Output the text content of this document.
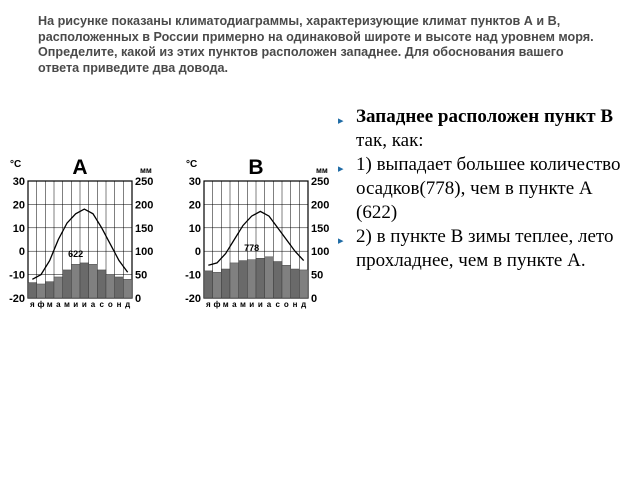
На рисунке показаны климатодиаграммы, характеризующие климат пунктов А и В,

расположенных в России примерно на одинаковой широте и высоте над уровнем моря.

Определите, какой из этих пунктов расположен западнее. Для обоснования вашего

ответа приведите два довода.

30
20
10
0
-10
-20
250
200
150
100
50
0
°C
мм
А
622
я ф м а м и и а с о н д
30
20
10
0
-10
-20
250
200
150
100
50
0
°C
мм
В
778
я ф м а м и и а с о н д
▸ Западнее расположен пункт В так, как:
▸ 1) выпадает большее количество осадков(778), чем в пункте А (622)
▸ 2) в пункте В зимы теплее, лето прохладнее, чем в пункте А.
